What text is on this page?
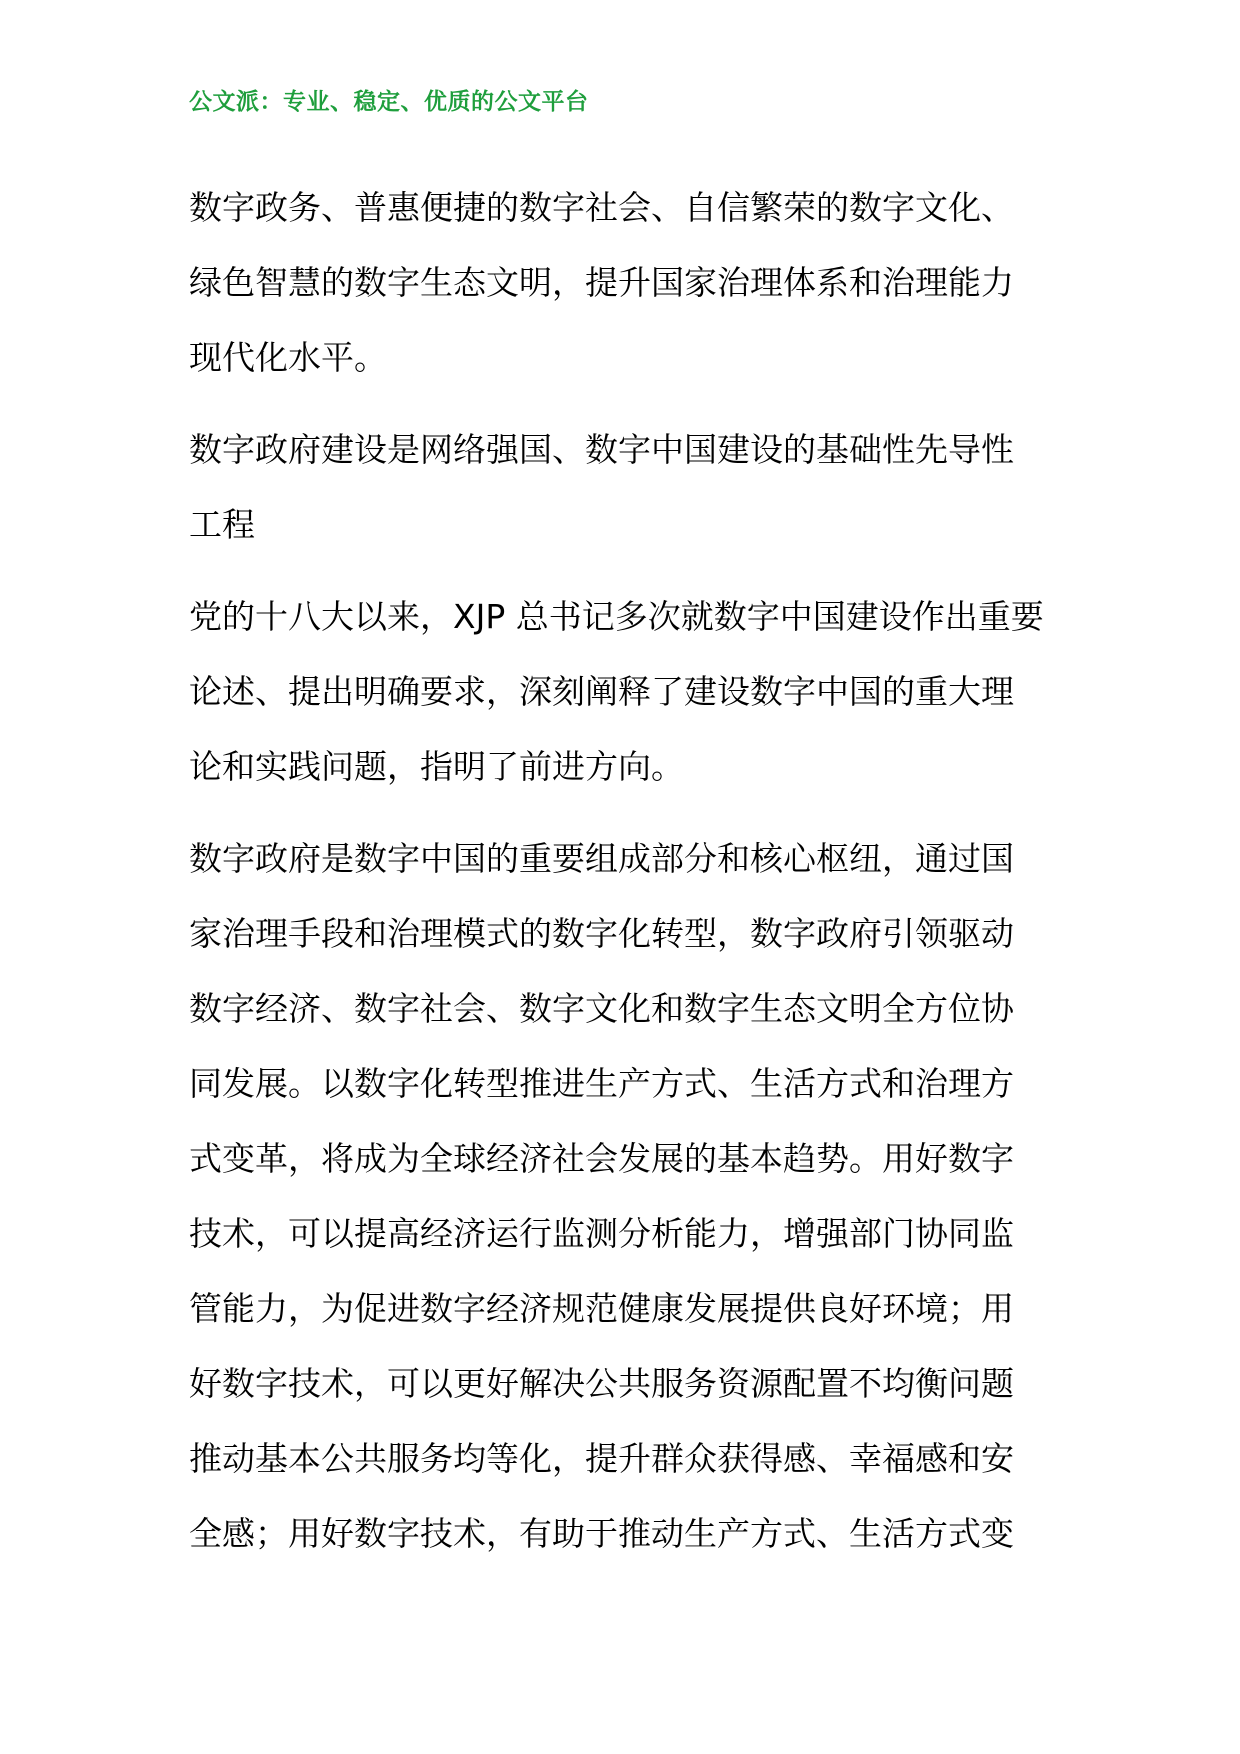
公文派：专业、稳定、优质的公文平台
数字政务、普惠便捷的数字社会、自信繁荣的数字文化、
绿色智慧的数字生态文明，提升国家治理体系和治理能力
现代化水平。
数字政府建设是网络强国、数字中国建设的基础性先导性
工程
党的十八大以来，XJP 总书记多次就数字中国建设作出重要
论述、提出明确要求，深刻阐释了建设数字中国的重大理
论和实践问题，指明了前进方向。
数字政府是数字中国的重要组成部分和核心枢纽，通过国
家治理手段和治理模式的数字化转型，数字政府引领驱动
数字经济、数字社会、数字文化和数字生态文明全方位协
同发展。以数字化转型推进生产方式、生活方式和治理方
式变革，将成为全球经济社会发展的基本趋势。用好数字
技术，可以提高经济运行监测分析能力，增强部门协同监
管能力，为促进数字经济规范健康发展提供良好环境；用
好数字技术，可以更好解决公共服务资源配置不均衡问题
推动基本公共服务均等化，提升群众获得感、幸福感和安
全感；用好数字技术，有助于推动生产方式、生活方式变
